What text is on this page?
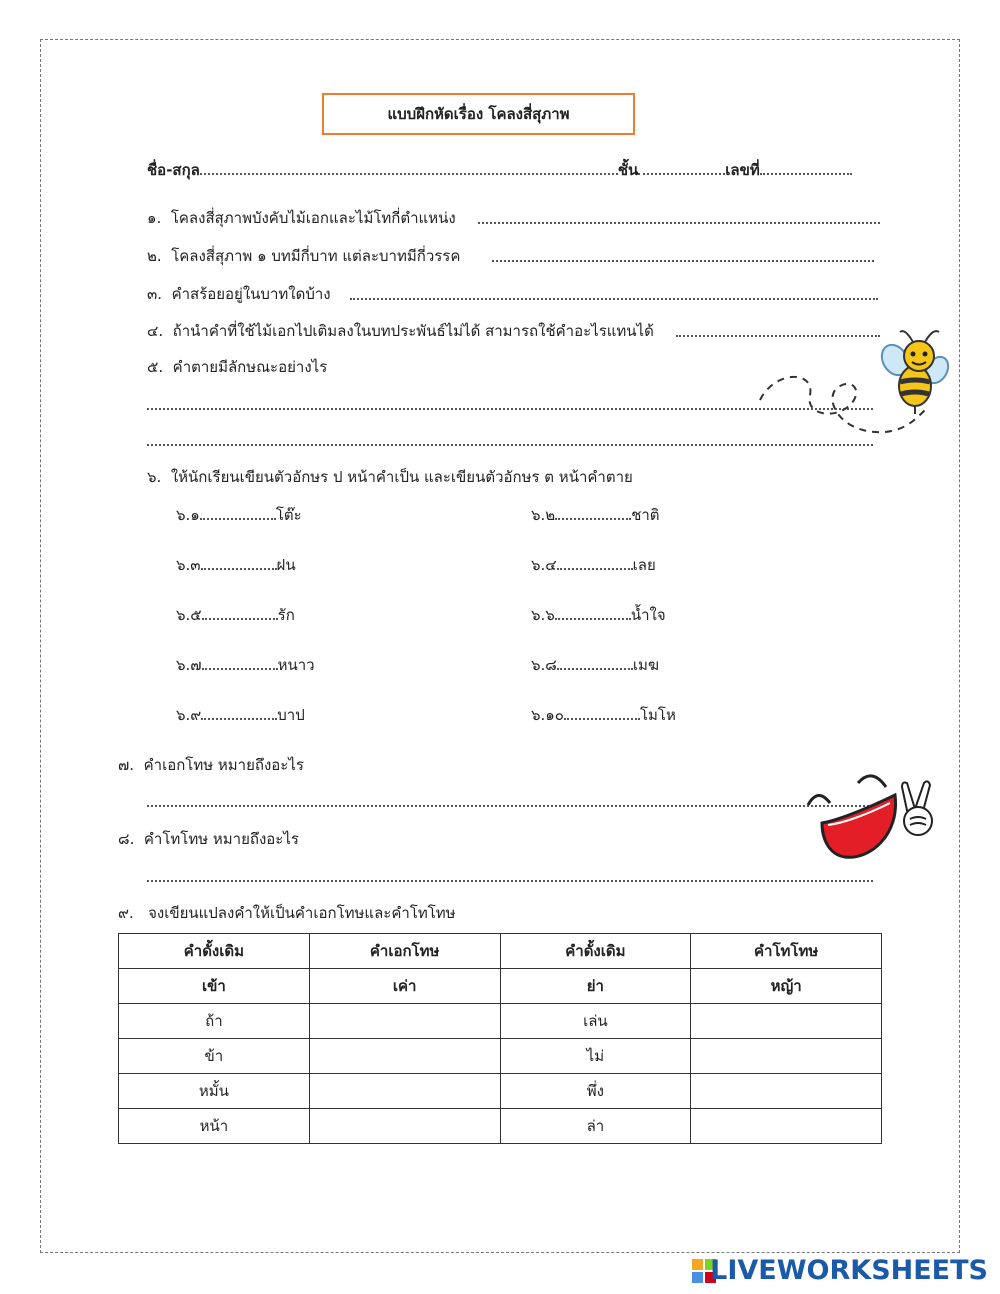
แบบฝึกหัดเรื่อง โคลงสี่สุภาพ
ชื่อ-สกุล	ชั้น	เลขที่
๑. โคลงสี่สุภาพบังคับไม้เอกและไม้โทกี่ตำแหน่ง
๒. โคลงสี่สุภาพ ๑ บทมีกี่บาท แต่ละบาทมีกี่วรรค
๓. คำสร้อยอยู่ในบาทใดบ้าง
๔. ถ้านำคำที่ใช้ไม้เอกไปเติมลงในบทประพันธ์ไม่ได้ สามารถใช้คำอะไรแทนได้
๕. คำตายมีลักษณะอย่างไร
๖. ให้นักเรียนเขียนตัวอักษร ป หน้าคำเป็น และเขียนตัวอักษร ต หน้าคำตาย
๖.๑	โต๊ะ	๖.๒	ชาติ
๖.๓	ฝน	๖.๔	เลย
๖.๕	รัก	๖.๖	น้ำใจ
๖.๗	หนาว	๖.๘	เมฆ
๖.๙	บาป	๖.๑๐	โมโห
๗. คำเอกโทษ หมายถึงอะไร
๘. คำโทโทษ หมายถึงอะไร
๙. จงเขียนแปลงคำให้เป็นคำเอกโทษและคำโทโทษ
คำดั้งเดิม	คำเอกโทษ	คำดั้งเดิม	คำโทโทษ
เข้า	เค่า	ย่า	หญ้า
ถ้า		เล่น	
ข้า		ไม่	
หมั้น		พึ่ง	
หน้า		ล่า	
LIVEWORKSHEETS
